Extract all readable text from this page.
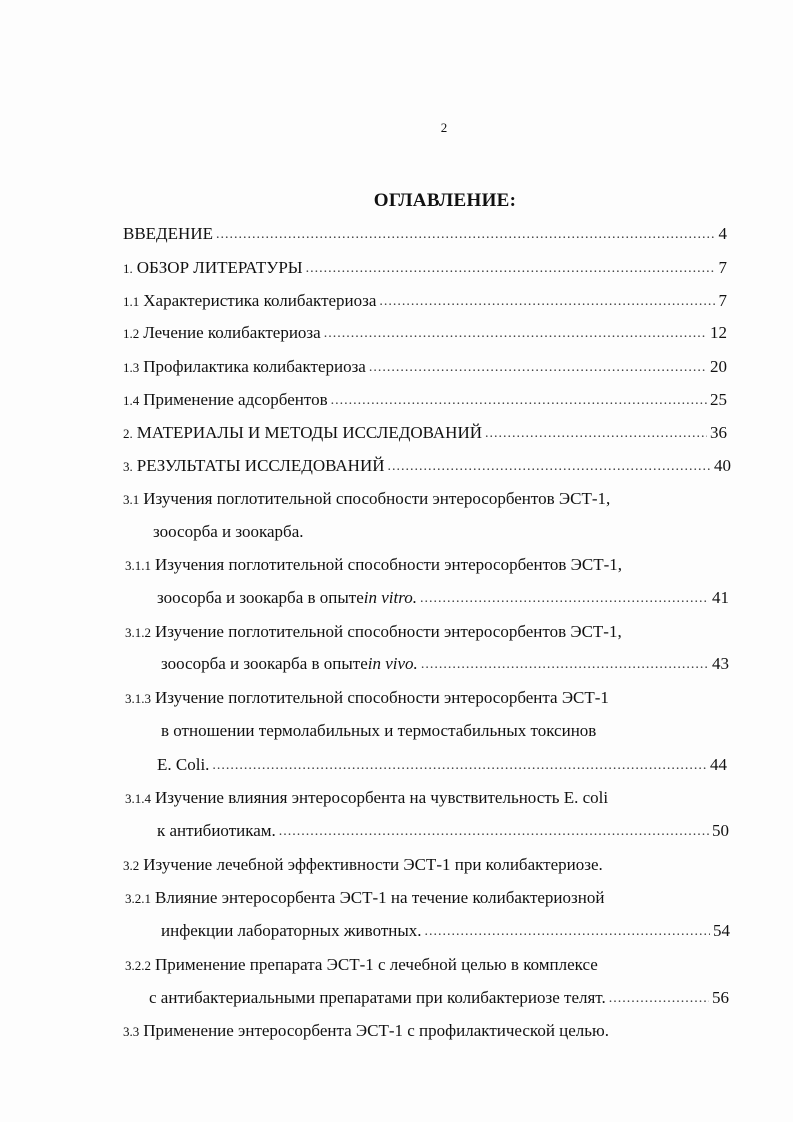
2
ОГЛАВЛЕНИЕ:
ВВЕДЕНИЕ .....	4
1. ОБЗОР ЛИТЕРАТУРЫ .....	7
1.1 Характеристика колибактериоза .....	7
1.2 Лечение колибактериоза .....	12
1.3 Профилактика колибактериоза .....	20
1.4 Применение адсорбентов .....	25
2. МАТЕРИАЛЫ И МЕТОДЫ ИССЛЕДОВАНИЙ .....	36
3. РЕЗУЛЬТАТЫ ИССЛЕДОВАНИЙ .....	40
3.1 Изучения поглотительной способности энтеросорбентов ЭСТ-1,
зоосорба и зоокарба.
3.1.1 Изучения поглотительной способности энтеросорбентов ЭСТ-1,
зоосорба и зоокарба в опыте in vitro. .....	41
3.1.2 Изучение поглотительной способности энтеросорбентов ЭСТ-1,
зоосорба и зоокарба в опыте in vivo. .....	43
3.1.3 Изучение поглотительной способности энтеросорбента ЭСТ-1
в отношении термолабильных и термостабильных токсинов
E. Coli. .....	44
3.1.4 Изучение влияния энтеросорбента на чувствительность E. coli
к антибиотикам. .....	50
3.2 Изучение лечебной эффективности ЭСТ-1 при колибактериозе.
3.2.1 Влияние энтеросорбента ЭСТ-1 на течение колибактериозной
инфекции лабораторных животных. .....	54
3.2.2 Применение препарата ЭСТ-1 с лечебной целью в комплексе
с антибактериальными препаратами при колибактериозе телят. .....	56
3.3 Применение энтеросорбента ЭСТ-1 с профилактической целью.
